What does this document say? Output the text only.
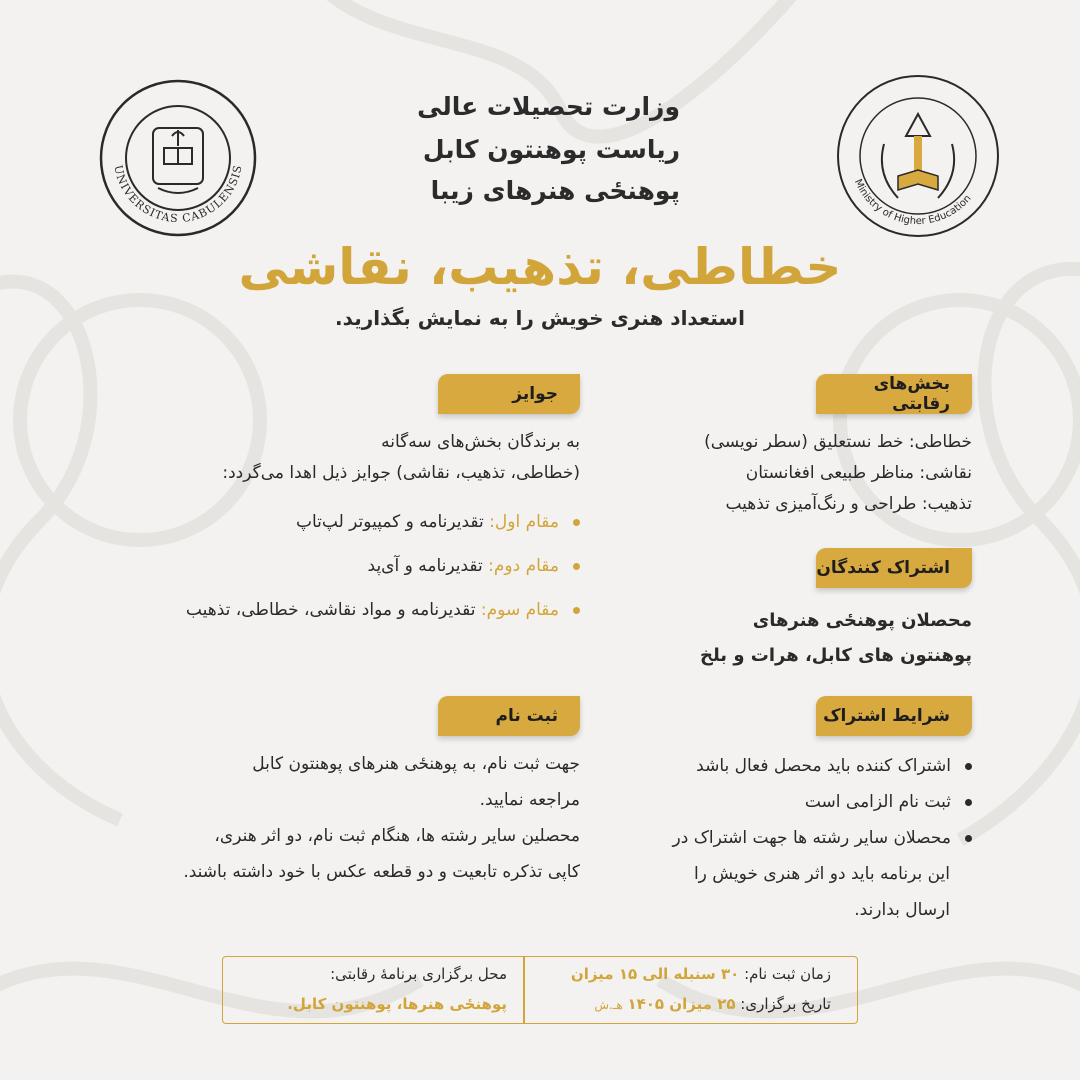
UNIVERSITAS CABULENSIS
Ministry of Higher Education
وزارت تحصیلات عالی
ریاست پوهنتون کابل
پوهنځی هنرهای زیبا
خطاطی، تذهیب، نقاشی
استعداد هنری خویش را به نمایش بگذارید.
بخش‌های رقابتی
خطاطی: خط نستعلیق (سطر نویسی)
نقاشی: مناظر طبیعی افغانستان
تذهیب: طراحی و رنگ‌آمیزی تذهیب
اشتراک کنندگان
محصلان پوهنځی هنرهای
پوهنتون های کابل، هرات و بلخ
شرایط اشتراک
اشتراک کننده باید محصل فعال باشد
ثبت نام الزامی است
محصلان سایر رشته ها جهت اشتراک در
این برنامه باید دو اثر هنری خویش را
ارسال بدارند.
جوایز
به برندگان بخش‌های سه‌گانه
(خطاطی، تذهیب، نقاشی) جوایز ذیل اهدا می‌گردد:
مقام اول: تقدیرنامه و کمپیوتر لپ‌تاپ
مقام دوم: تقدیرنامه و آی‌پد
مقام سوم: تقدیرنامه و مواد نقاشی، خطاطی، تذهیب
ثبت نام
جهت ثبت نام، به پوهنځی هنرهای پوهنتون کابل
مراجعه نمایید.
محصلین سایر رشته ها، هنگام ثبت نام، دو اثر هنری،
کاپی تذکره تابعیت و دو قطعه عکس با خود داشته باشند.
زمان ثبت نام: ۳۰ سنبله الی ۱۵ میزان
تاریخ برگزاری: ۲۵ میزان ۱۴۰۵ هـ.ش
محل برگزاری برنامهٔ رقابتی:
پوهنځی هنرها، پوهنتون کابل.
